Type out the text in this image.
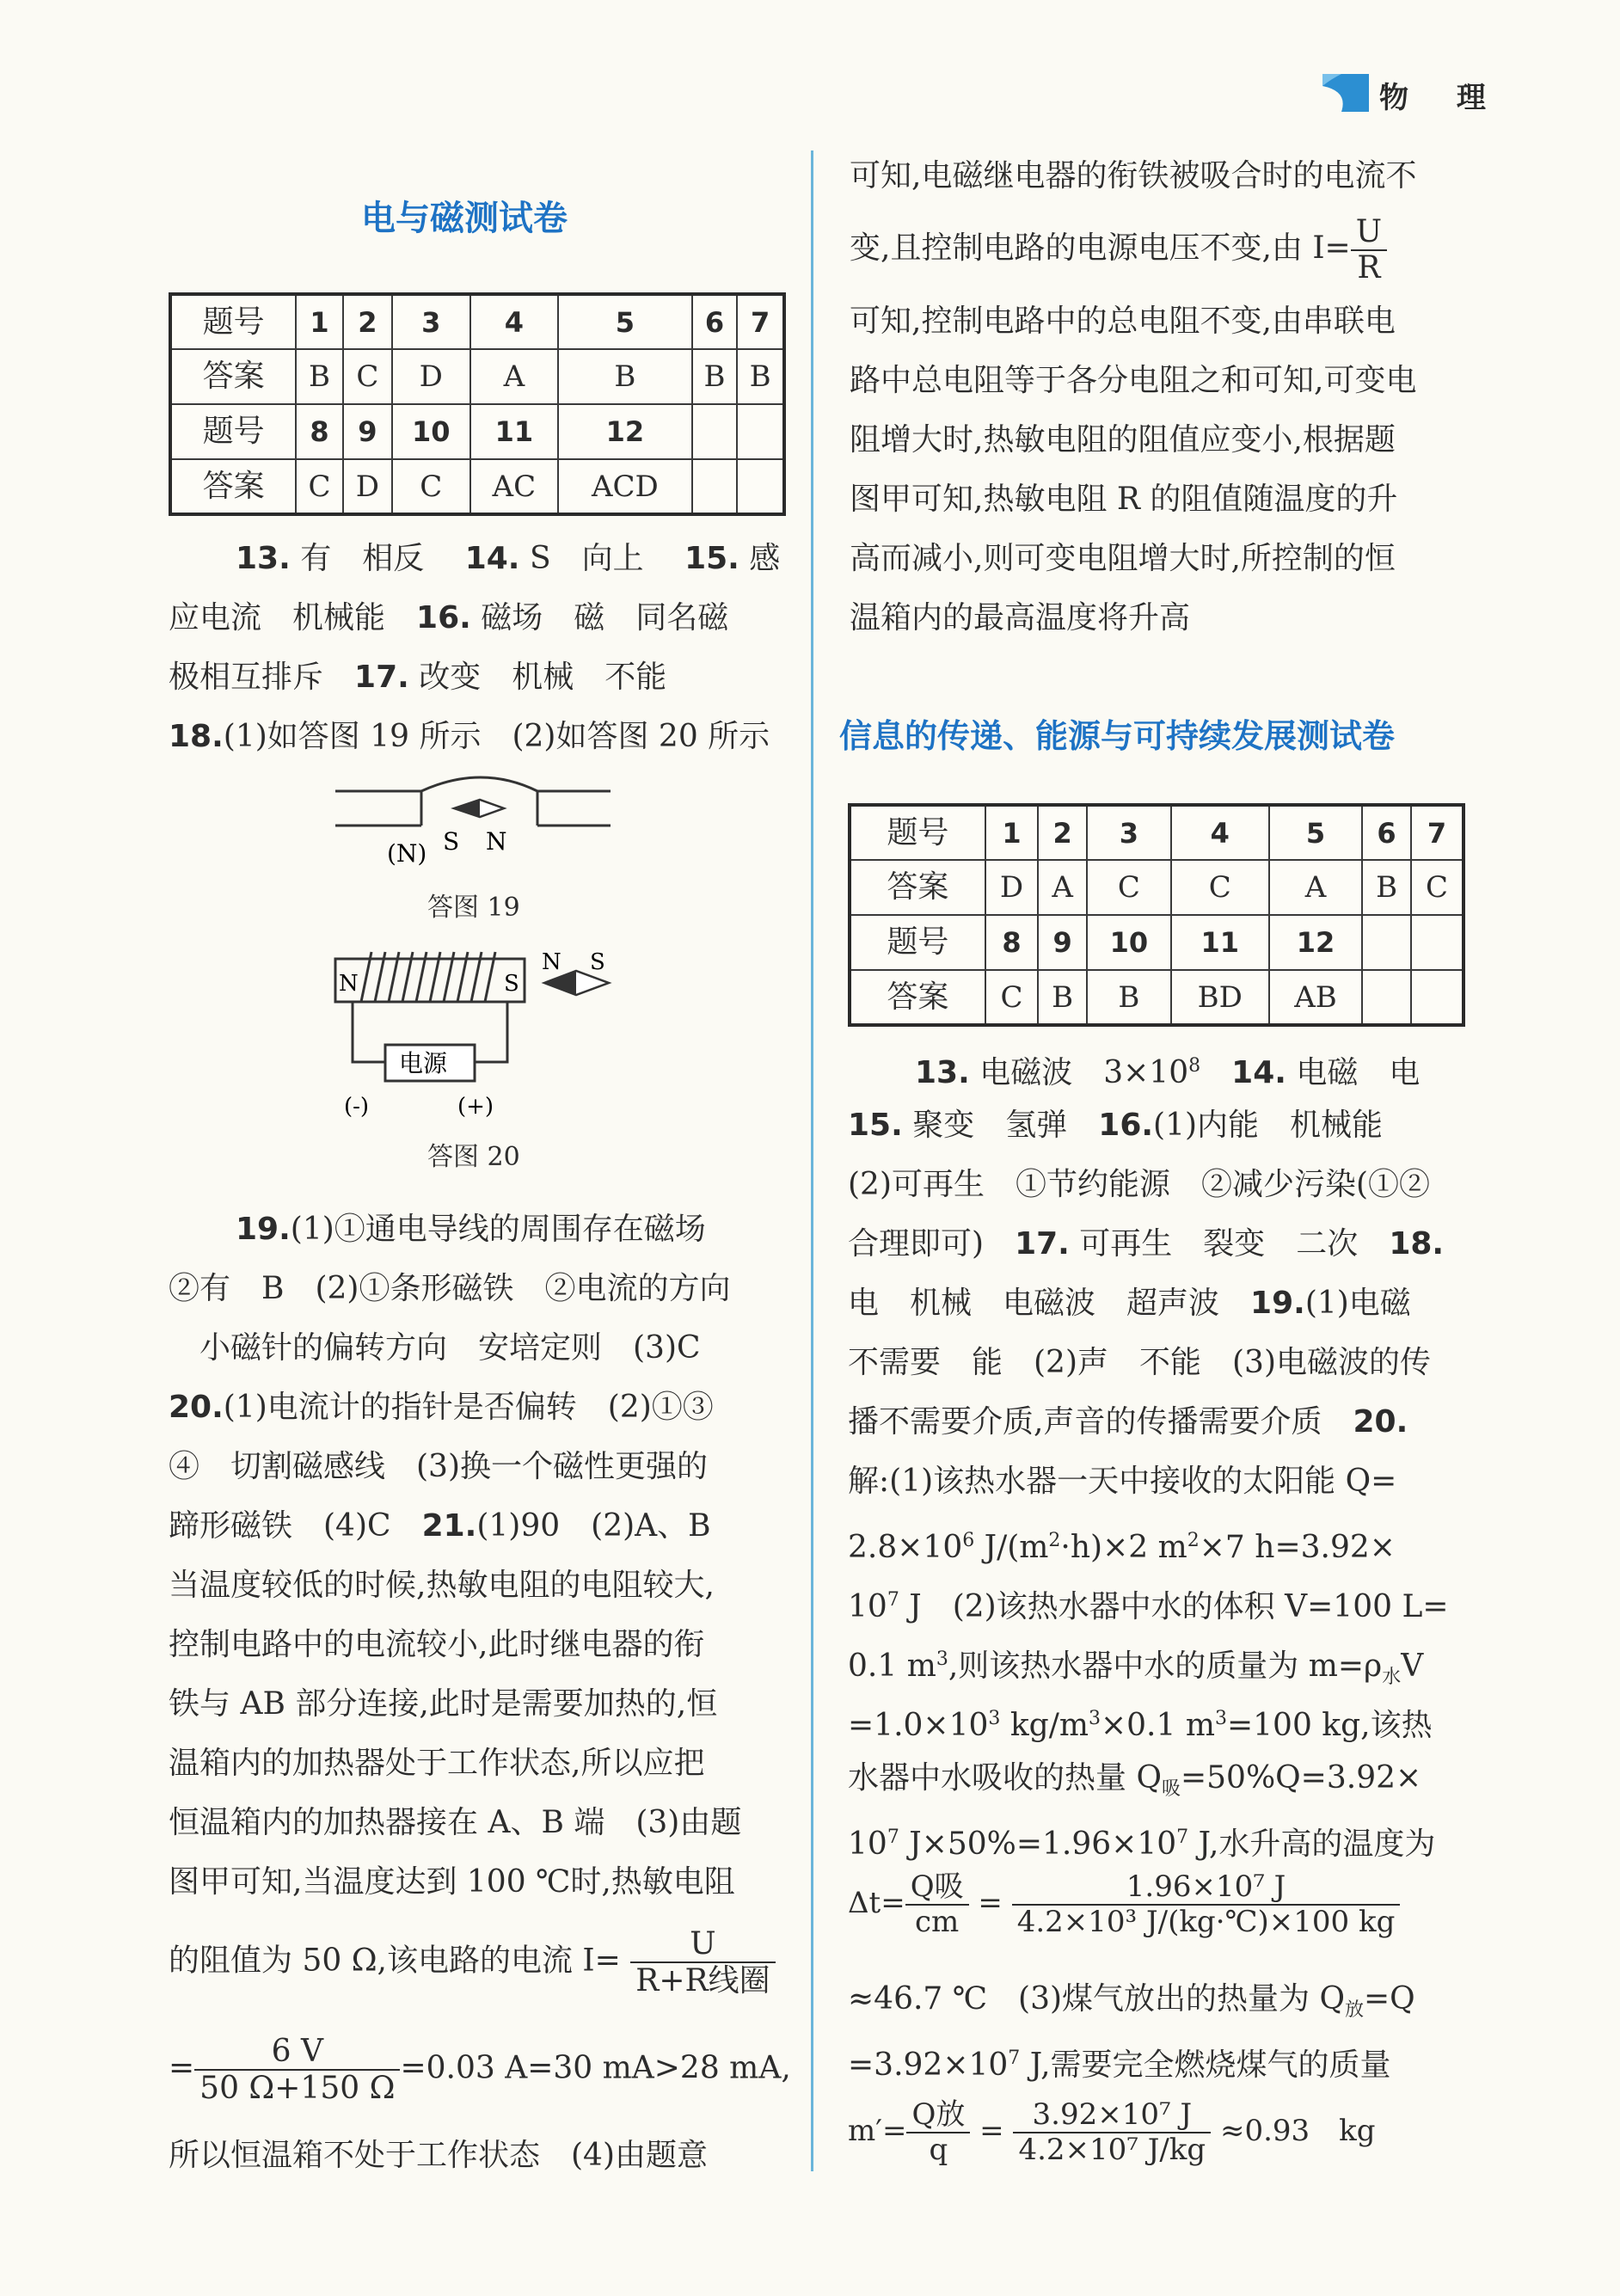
物 理
电与磁测试卷
题号	1	2	3	4	5	6	7
答案	B	C	D	A	B	B	B
题号	8	9	10	11	12		
答案	C	D	C	AC	ACD		

13. 有　相反　 14. S　向上　 15. 感

应电流　机械能　 16. 磁场　磁　同名磁

极相互排斥　 17. 改变　机械　不能

18.(1)如答图 19 所示　(2)如答图 20 所示

(N) S N
答图 19
N	S
N S
电源
(-)	(+)
答图 20

19.(1)①通电导线的周围存在磁场

②有　B　(2)①条形磁铁　②电流的方向

小磁针的偏转方向　安培定则　(3)C

20.(1)电流计的指针是否偏转　(2)①③

④　切割磁感线　(3)换一个磁性更强的

蹄形磁铁　(4)C　 21.(1)90　(2)A、B

当温度较低的时候,热敏电阻的电阻较大,

控制电路中的电流较小,此时继电器的衔

铁与 AB 部分连接,此时是需要加热的,恒

温箱内的加热器处于工作状态,所以应把

恒温箱内的加热器接在 A、B 端　(3)由题

图甲可知,当温度达到 100 ℃时,热敏电阻

的阻值为 50 Ω,该电路的电流 $I= \frac{U}{\text{R+R线圈}}$
= $\frac{6 V}{50 \Omega+150 \Omega} =0.03$ A=30 mA>28 mA,
所以恒温箱不处于工作状态　(4)由题意

可知,电磁继电器的衔铁被吸合时的电流不

变,且控制电路的电源电压不变,由 $I= \frac{U}{R}$

可知,控制电路中的总电阻不变,由串联电

路中总电阻等于各分电阻之和可知,可变电

阻增大时,热敏电阻的阻值应变小,根据题

图甲可知,热敏电阻 R 的阻值随温度的升

高而减小,则可变电阻增大时,所控制的恒

温箱内的最高温度将升高

信息的传递、能源与可持续发展测试卷
题号	1	2	3	4	5	6	7
答案	D	A	C	C	A	B	C
题号	8	9	10	11	12		
答案	C	B	B	BD	AB		

13. 电磁波　$3\times 10^8$　 14. 电磁　电

15. 聚变　氢弹　 16.(1)内能　机械能

(2)可再生　①节约能源　②减少污染(①②

合理即可)　 17. 可再生　裂变　二次　 18.

电　机械　电磁波　超声波　 19.(1)电磁

不需要　能　(2)声　不能　(3)电磁波的传

播不需要介质,声音的传播需要介质　 20.

解:(1)该热水器一天中接收的太阳能 Q=

$2.8\times 10^6$ $J/(m^2\cdot h)\times 2$ $m^2\times 7$ h=3.92×

$10^7$ J　(2)该热水器中水的体积 V=100 L=

0.1 $m^3$,则该热水器中水的质量为 $m=\rho_水V$

$=1.0\times 10^3$ $kg/m^3\times 0.1$ $m^3=100$ kg,该热

水器中水吸收的热量 $Q_吸=50\%Q=3.92\times$

$10^7$ $J\times 50\%=1.96\times 10^7$ J,水升高的温度为

$\Delta t= \frac{\text{Q吸}}{cm} = \frac{\text{1.96×10⁷ J}}{\text{4.2×10³ J/(kg·℃)×100 kg}}$

≈46.7 ℃　(3)煤气放出的热量为 $Q_放=Q$

$=3.92\times 10^7$ J,需要完全燃烧煤气的质量

$m'= \frac{\text{Q放}}{q} = \frac{\text{3.92×10⁷ J}}{\text{4.2×10⁷ J/kg}} \approx 0.93$　kg
